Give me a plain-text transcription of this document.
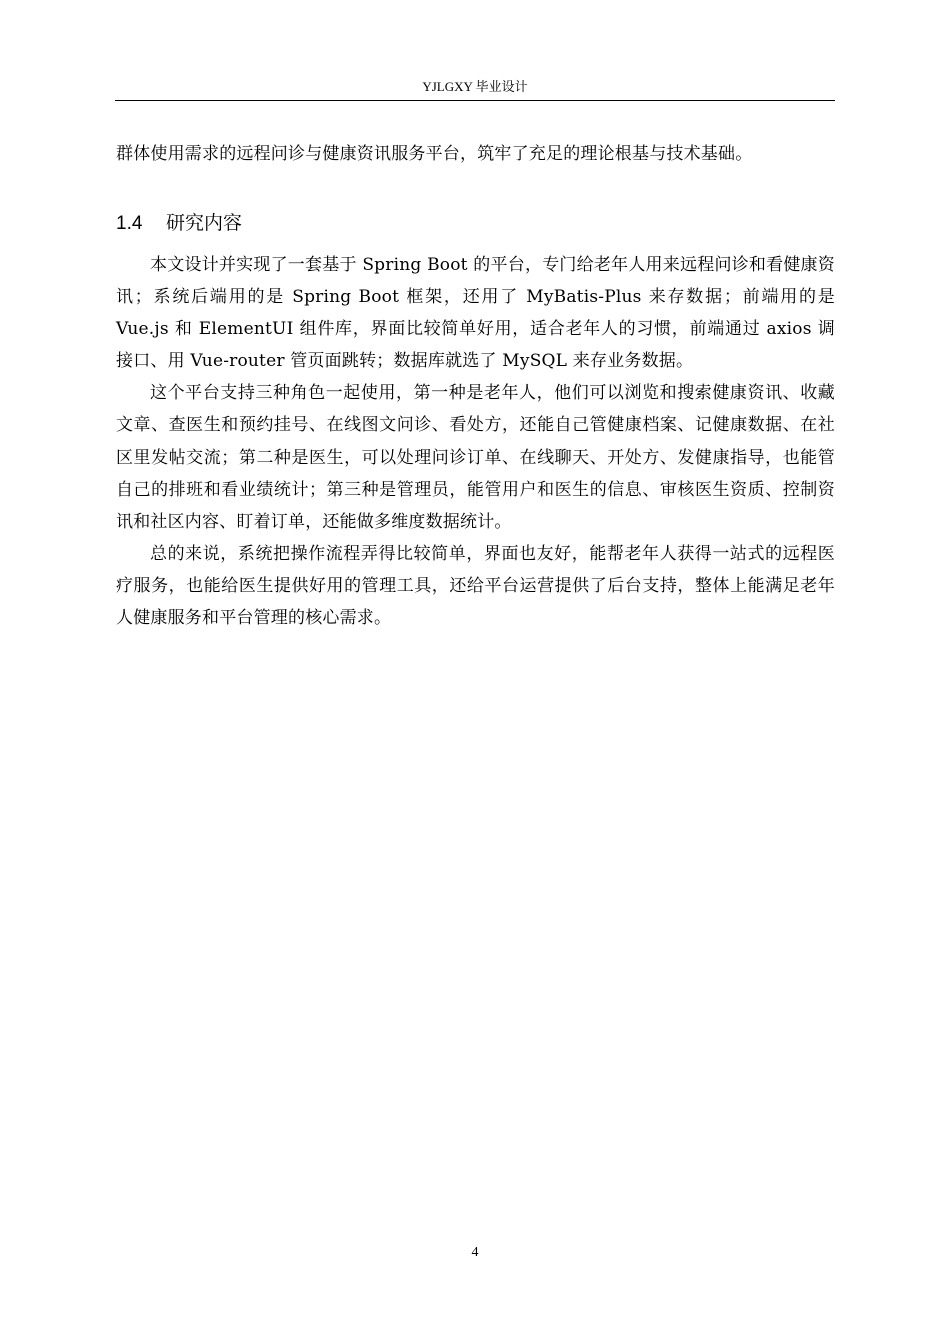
YJLGXY 毕业设计
群体使用需求的远程问诊与健康资讯服务平台，筑牢了充足的理论根基与技术基础。
1.4 研究内容

本文设计并实现了一套基于 Spring Boot 的平台，专门给老年人用来远程问诊和看健康资讯；系统后端用的是 Spring Boot 框架，还用了 MyBatis-Plus 来存数据；前端用的是 Vue.js 和 ElementUI 组件库，界面比较简单好用，适合老年人的习惯，前端通过 axios 调接口、用 Vue-router 管页面跳转；数据库就选了 MySQL 来存业务数据。

这个平台支持三种角色一起使用，第一种是老年人，他们可以浏览和搜索健康资讯、收藏文章、查医生和预约挂号、在线图文问诊、看处方，还能自己管健康档案、记健康数据、在社区里发帖交流；第二种是医生，可以处理问诊订单、在线聊天、开处方、发健康指导，也能管自己的排班和看业绩统计；第三种是管理员，能管用户和医生的信息、审核医生资质、控制资讯和社区内容、盯着订单，还能做多维度数据统计。

总的来说，系统把操作流程弄得比较简单，界面也友好，能帮老年人获得一站式的远程医疗服务，也能给医生提供好用的管理工具，还给平台运营提供了后台支持，整体上能满足老年人健康服务和平台管理的核心需求。

4
